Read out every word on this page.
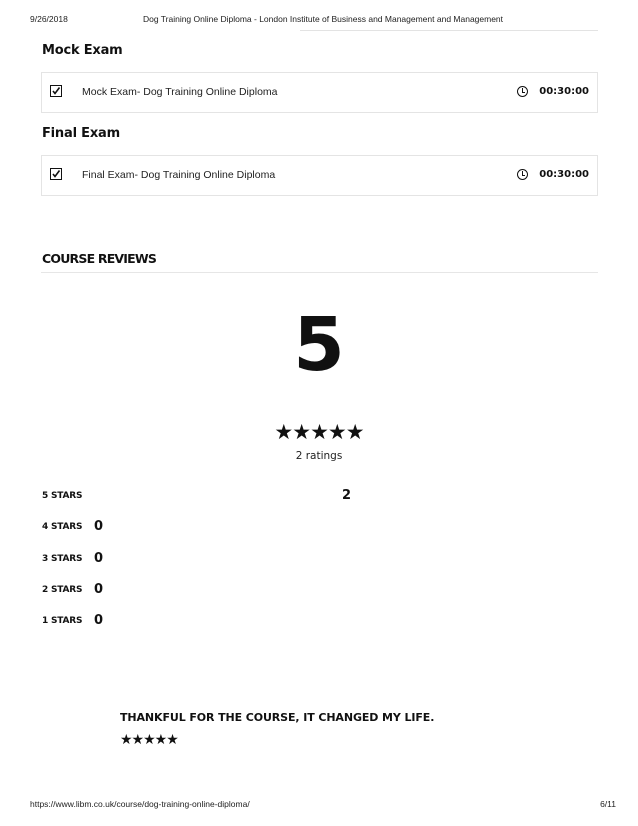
9/26/2018	Dog Training Online Diploma - London Institute of Business and Management and Management
Mock Exam
Mock Exam- Dog Training Online Diploma	00:30:00
Final Exam
Final Exam- Dog Training Online Diploma	00:30:00
COURSE REVIEWS
5
★★★★★
2 ratings
5 STARS	2
4 STARS 0
3 STARS 0
2 STARS 0
1 STARS 0
THANKFUL FOR THE COURSE, IT CHANGED MY LIFE.
★★★★★
https://www.libm.co.uk/course/dog-training-online-diploma/	6/11
